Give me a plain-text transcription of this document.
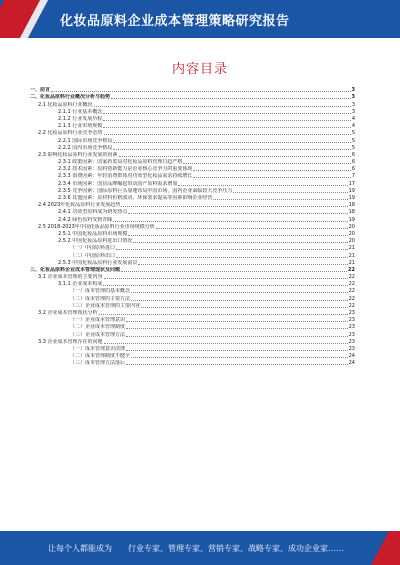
化妆品原料企业成本管理策略研究报告
内容目录
一、前言	3
二、化妆品原料行业概况分析与趋势	3
2.1 化妆品原料行业概况	3
2.1.1 行业基本概念	3
2.1.2 行业发展历程	4
2.1.3 行业市场规模	4
2.2 化妆品原料行业竞争态势	5
2.2.1 国际市场竞争格局	5
2.2.2 国内市场竞争格局	5
2.3 影响化妆品原料行业发展的因素	6
2.3.1 政策因素：国家药监局对化妆品原料管理日趋严格	6
2.3.2 技术因素：原料创新能力是企业核心竞争力的重要体现	6
2.3.3 消费因素：年轻消费群体对功效型化妆品需求持续增长	7
2.3.4 市场因素：国货品牌崛起带动国产原料需求增加	17
2.3.5 竞争因素：国际原料巨头加速布局中国市场，国内企业面临较大竞争压力	19
2.3.6 其他因素：原材料价格波动、环保要求提高等因素影响企业经营	19
2.4 2023年化妆品原料行业发展趋势	18
2.4.1 功效型原料成为研发热点	18
2.4.2 绿色原料受到青睐	19
2.5 2018-2023年中国化妆品原料行业市场规模分析	20
2.5.1 中国化妆品原料市场规模	20
2.5.2 中国化妆品原料进出口情况	20
（一）中国原料进口	21
（二）中国原料出口	21
2.5.3 中国化妆品原料行业发展前景	21
三、化妆品原料企业成本管理现状及问题	22
3.1 企业成本管理的主要内容	22
3.1.1 企业成本构成	22
（一）成本管理的基本概念	22
（二）成本管理的主要方法	22
（三）企业成本管理的主要内容	22
3.2 企业成本管理现状分析	23
（一）企业成本管理意识	23
（二）企业成本管理制度	23
（三）企业成本管理方法	23
3.3 企业成本管理存在的问题	23
（一）成本管理意识淡薄	23
（二）成本管理制度不健全	24
（三）成本管理方法落后	24
让每个人都能成为 行业专家、管理专家、营销专家、战略专家、成功企业家……
